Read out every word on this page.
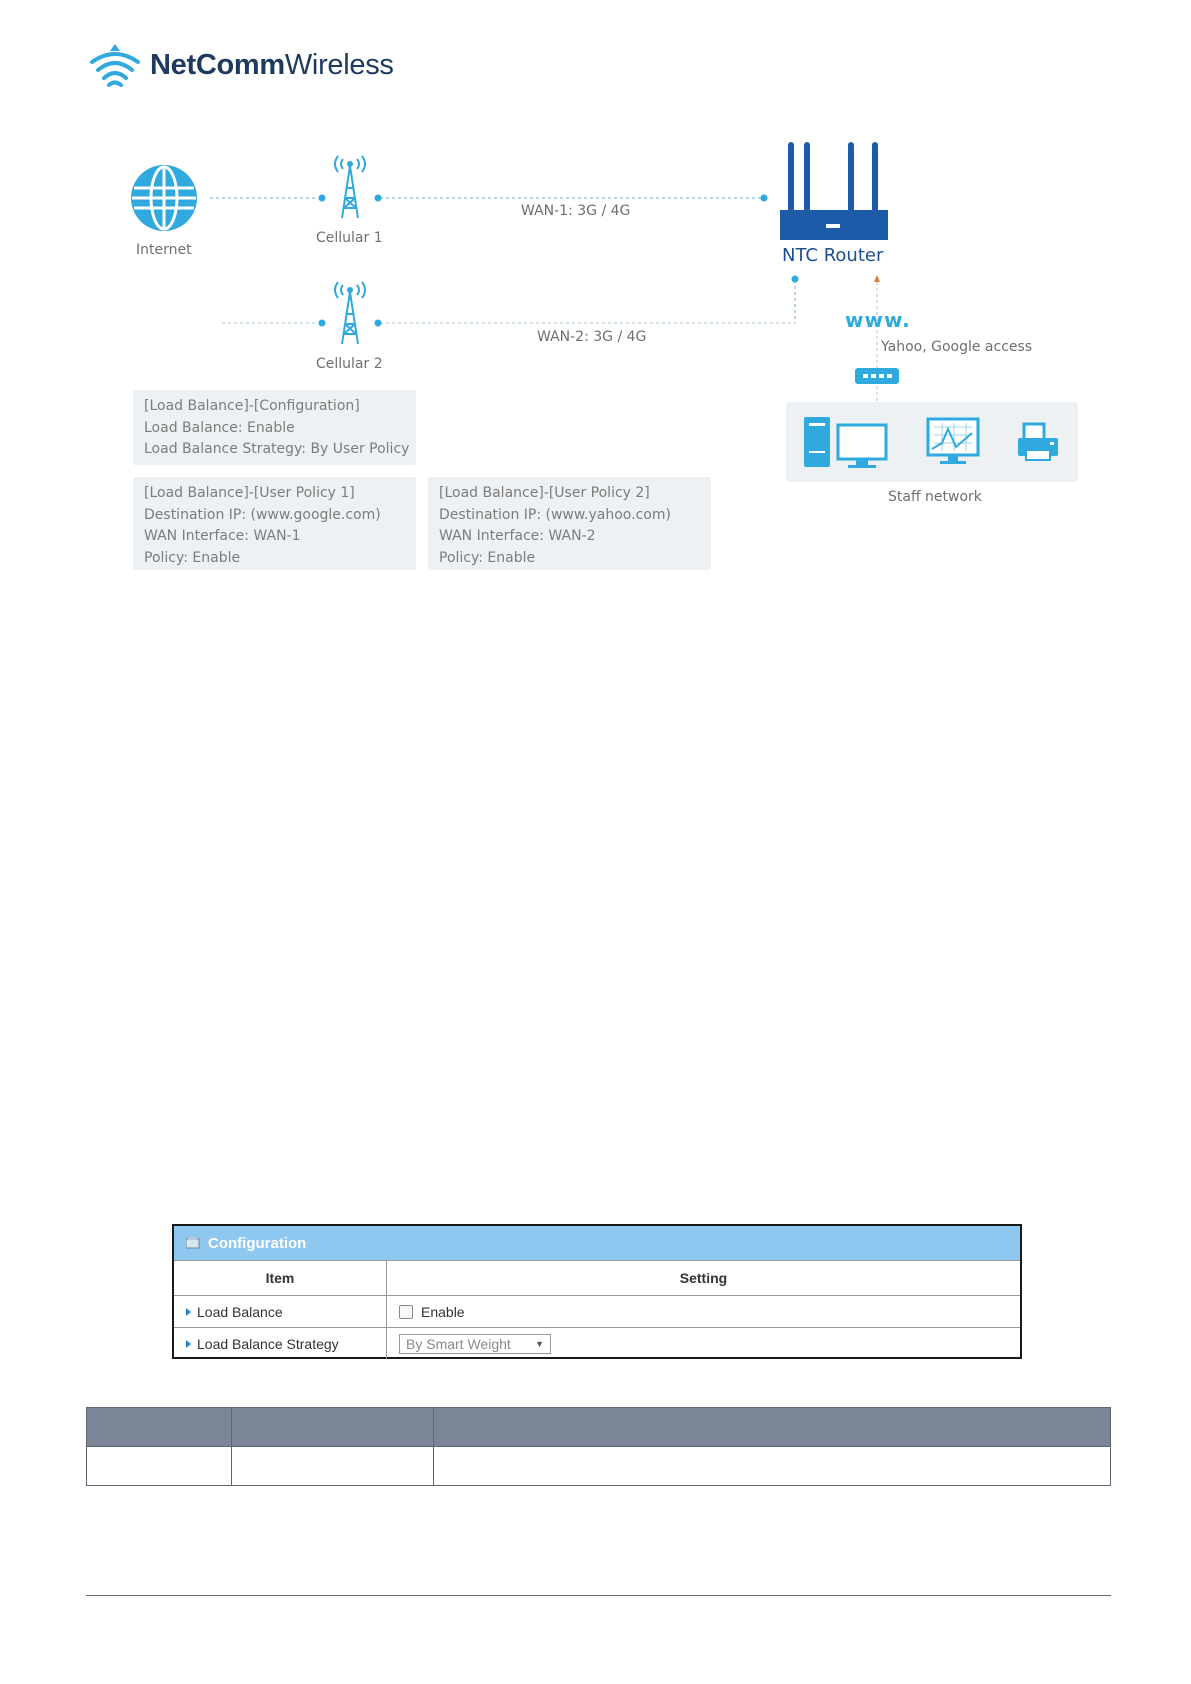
NetCommWireless
Internet
Cellular 1
Cellular 2
WAN-1: 3G / 4G
WAN-2: 3G / 4G
NTC Router
www.
Yahoo, Google access
Staff network
[Load Balance]-[Configuration]
Load Balance: Enable
Load Balance Strategy: By User Policy
[Load Balance]-[User Policy 1]
Destination IP: (www.google.com)
WAN Interface: WAN-1
Policy: Enable
[Load Balance]-[User Policy 2]
Destination IP: (www.yahoo.com)
WAN Interface: WAN-2
Policy: Enable
Configuration
Item	Setting
Load Balance	Enable
Load Balance Strategy	By Smart Weight	▼
